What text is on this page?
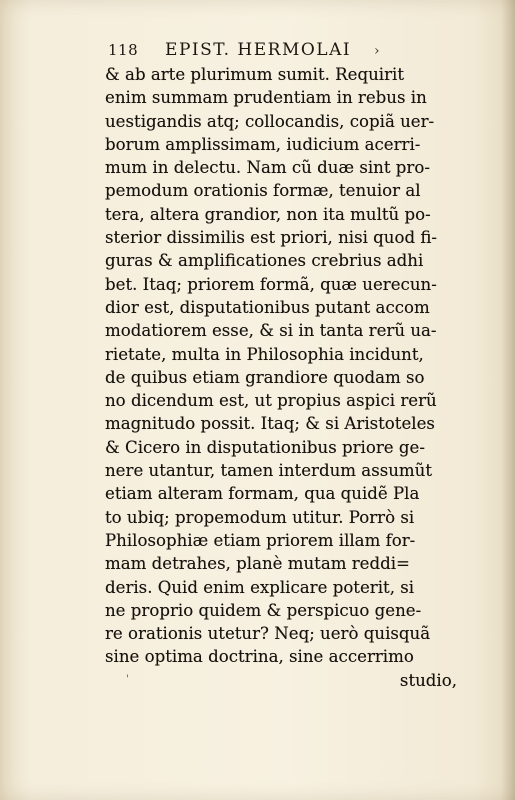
118 EPIST. HERMOLAI ›
& ab arte plurimum sumit. Requirit
enim summam prudentiam in rebus in
uestigandis atq; collocandis, copiã uer-
borum amplissimam, iudicium acerri-
mum in delectu. Nam cũ duæ sint pro-
pemodum orationis formæ, tenuior al
tera, altera grandior, non ita multũ po-
sterior dissimilis est priori, nisi quod fi-
guras & amplificationes crebrius adhi
bet. Itaq; priorem formã, quæ uerecun-
dior est, disputationibus putant accom
modatiorem esse, & si in tanta rerũ ua-
rietate, multa in Philosophia incidunt,
de quibus etiam grandiore quodam so
no dicendum est, ut propius aspici rerũ
magnitudo possit. Itaq; & si Aristoteles
& Cicero in disputationibus priore ge-
nere utantur, tamen interdum assumũt
etiam alteram formam, qua quidẽ Pla
to ubiq; propemodum utitur. Porrò si
Philosophiæ etiam priorem illam for-
mam detrahes, planè mutam reddi=
deris. Quid enim explicare poterit, si
ne proprio quidem & perspicuo gene-
re orationis utetur? Neq; uerò quisquã
sine optima doctrina, sine accerrimo
studio,
'
